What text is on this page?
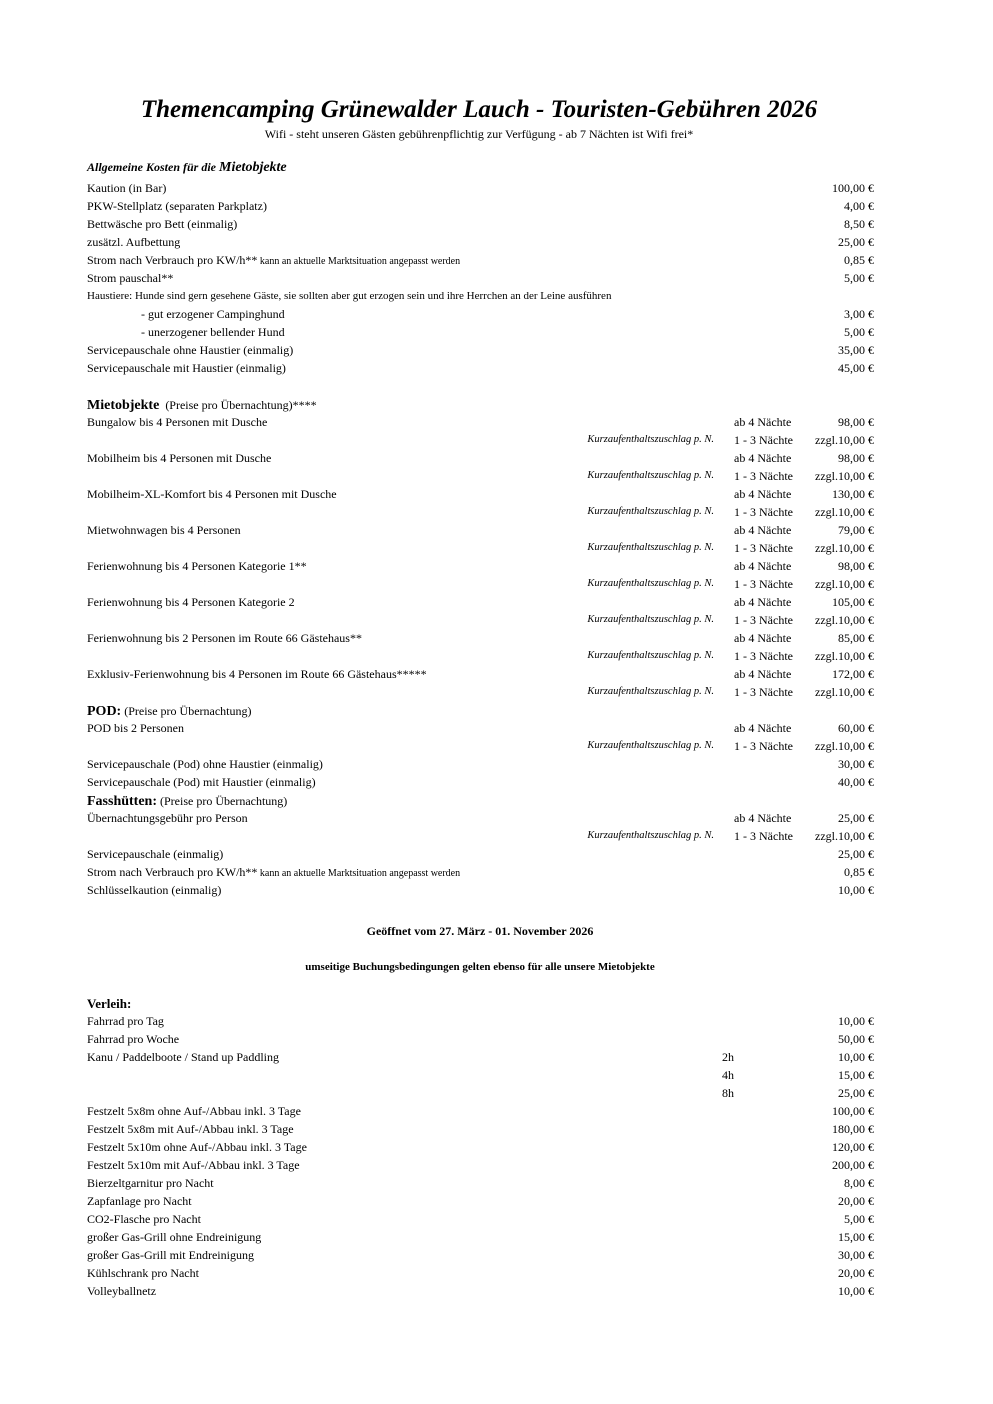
Themencamping Grünewalder Lauch - Touristen-Gebühren 2026
Wifi - steht unseren Gästen gebührenpflichtig zur Verfügung - ab 7 Nächten ist Wifi frei*
Allgemeine Kosten für die Mietobjekte
Kaution (in Bar)	100,00 €
PKW-Stellplatz (separaten Parkplatz)	4,00 €
Bettwäsche pro Bett (einmalig)	8,50 €
zusätzl. Aufbettung	25,00 €
Strom nach Verbrauch pro KW/h** kann an aktuelle Marktsituation angepasst werden	0,85 €
Strom pauschal**	5,00 €
Haustiere: Hunde sind gern gesehene Gäste, sie sollten aber gut erzogen sein und ihre Herrchen an der Leine ausführen
- gut erzogener Campinghund	3,00 €
- unerzogener bellender Hund	5,00 €
Servicepauschale ohne Haustier (einmalig)	35,00 €
Servicepauschale mit Haustier (einmalig)	45,00 €
Mietobjekte (Preise pro Übernachtung)****
Bungalow bis 4 Personen mit Dusche	ab 4 Nächte	98,00 €
Kurzaufenthaltszuschlag p. N. 1 - 3 Nächte zzgl.10,00 €
Mobilheim bis 4 Personen mit Dusche	ab 4 Nächte	98,00 €
Kurzaufenthaltszuschlag p. N. 1 - 3 Nächte zzgl.10,00 €
Mobilheim-XL-Komfort bis 4 Personen mit Dusche	ab 4 Nächte	130,00 €
Kurzaufenthaltszuschlag p. N. 1 - 3 Nächte zzgl.10,00 €
Mietwohnwagen bis 4 Personen	ab 4 Nächte	79,00 €
Kurzaufenthaltszuschlag p. N. 1 - 3 Nächte zzgl.10,00 €
Ferienwohnung bis 4 Personen Kategorie 1**	ab 4 Nächte	98,00 €
Kurzaufenthaltszuschlag p. N. 1 - 3 Nächte zzgl.10,00 €
Ferienwohnung bis 4 Personen Kategorie 2	ab 4 Nächte	105,00 €
Kurzaufenthaltszuschlag p. N. 1 - 3 Nächte zzgl.10,00 €
Ferienwohnung bis 2 Personen im Route 66 Gästehaus**	ab 4 Nächte	85,00 €
Kurzaufenthaltszuschlag p. N. 1 - 3 Nächte zzgl.10,00 €
Exklusiv-Ferienwohnung bis 4 Personen im Route 66 Gästehaus*****	ab 4 Nächte	172,00 €
Kurzaufenthaltszuschlag p. N. 1 - 3 Nächte zzgl.10,00 €
POD: (Preise pro Übernachtung)
POD bis 2 Personen	ab 4 Nächte	60,00 €
Kurzaufenthaltszuschlag p. N. 1 - 3 Nächte zzgl.10,00 €
Servicepauschale (Pod) ohne Haustier (einmalig)	30,00 €
Servicepauschale (Pod) mit Haustier (einmalig)	40,00 €
Fasshütten: (Preise pro Übernachtung)
Übernachtungsgebühr pro Person	ab 4 Nächte	25,00 €
Kurzaufenthaltszuschlag p. N. 1 - 3 Nächte zzgl.10,00 €
Servicepauschale (einmalig)	25,00 €
Strom nach Verbrauch pro KW/h** kann an aktuelle Marktsituation angepasst werden	0,85 €
Schlüsselkaution (einmalig)	10,00 €
Geöffnet vom 27. März - 01. November 2026
umseitige Buchungsbedingungen gelten ebenso für alle unsere Mietobjekte
Verleih:
Fahrrad pro Tag	10,00 €
Fahrrad pro Woche	50,00 €
Kanu / Paddelboote / Stand up Paddling	2h	10,00 €
4h	15,00 €
8h	25,00 €
Festzelt 5x8m ohne Auf-/Abbau inkl. 3 Tage	100,00 €
Festzelt 5x8m mit Auf-/Abbau inkl. 3 Tage	180,00 €
Festzelt 5x10m ohne Auf-/Abbau inkl. 3 Tage	120,00 €
Festzelt 5x10m mit Auf-/Abbau inkl. 3 Tage	200,00 €
Bierzeltgarnitur pro Nacht	8,00 €
Zapfanlage pro Nacht	20,00 €
CO2-Flasche pro Nacht	5,00 €
großer Gas-Grill ohne Endreinigung	15,00 €
großer Gas-Grill mit Endreinigung	30,00 €
Kühlschrank pro Nacht	20,00 €
Volleyballnetz	10,00 €
